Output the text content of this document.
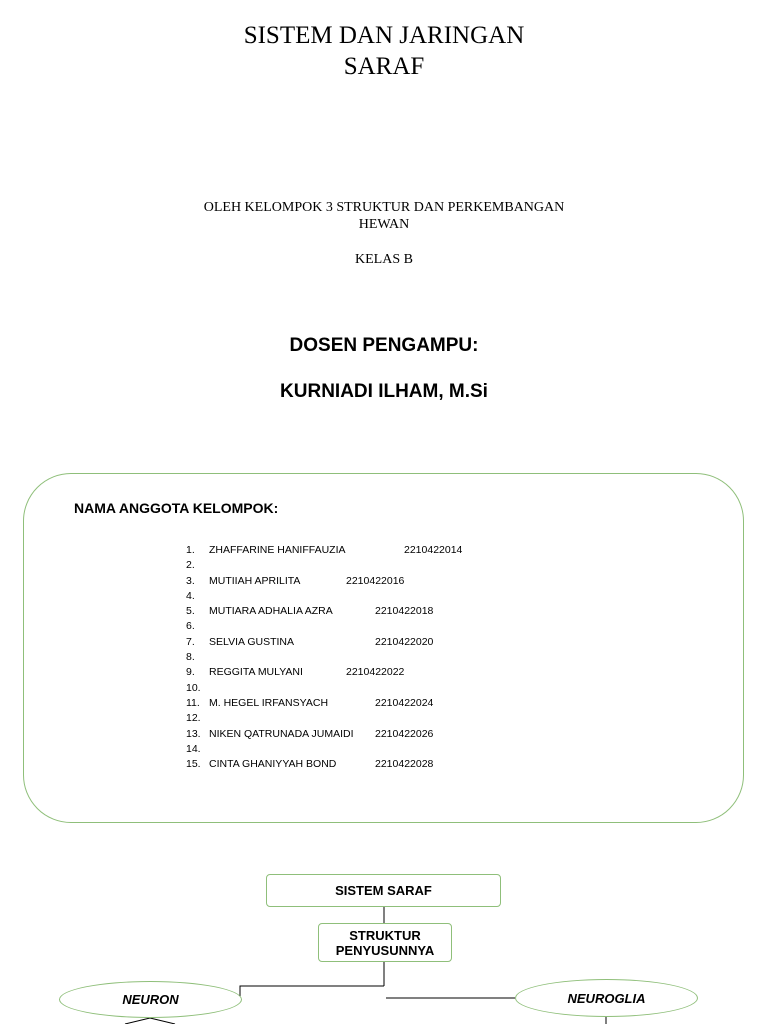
SISTEM DAN JARINGAN
SARAF
OLEH KELOMPOK 3 STRUKTUR DAN PERKEMBANGAN
HEWAN
KELAS B
DOSEN PENGAMPU:
KURNIADI ILHAM, M.Si
NAMA ANGGOTA KELOMPOK:
1. ZHAFFARINE HANIFFAUZIA	2210422014
2.
3. MUTIIAH APRILITA	2210422016
4.
5. MUTIARA ADHALIA AZRA	2210422018
6.
7. SELVIA GUSTINA	2210422020
8.
9. REGGITA MULYANI	2210422022
10.
11. M. HEGEL IRFANSYACH	2210422024
12.
13. NIKEN QATRUNADA JUMAIDI 2210422026
14.
15. CINTA GHANIYYAH BOND	2210422028
SISTEM SARAF
STRUKTUR
PENYUSUNNYA
NEURON	NEUROGLIA
